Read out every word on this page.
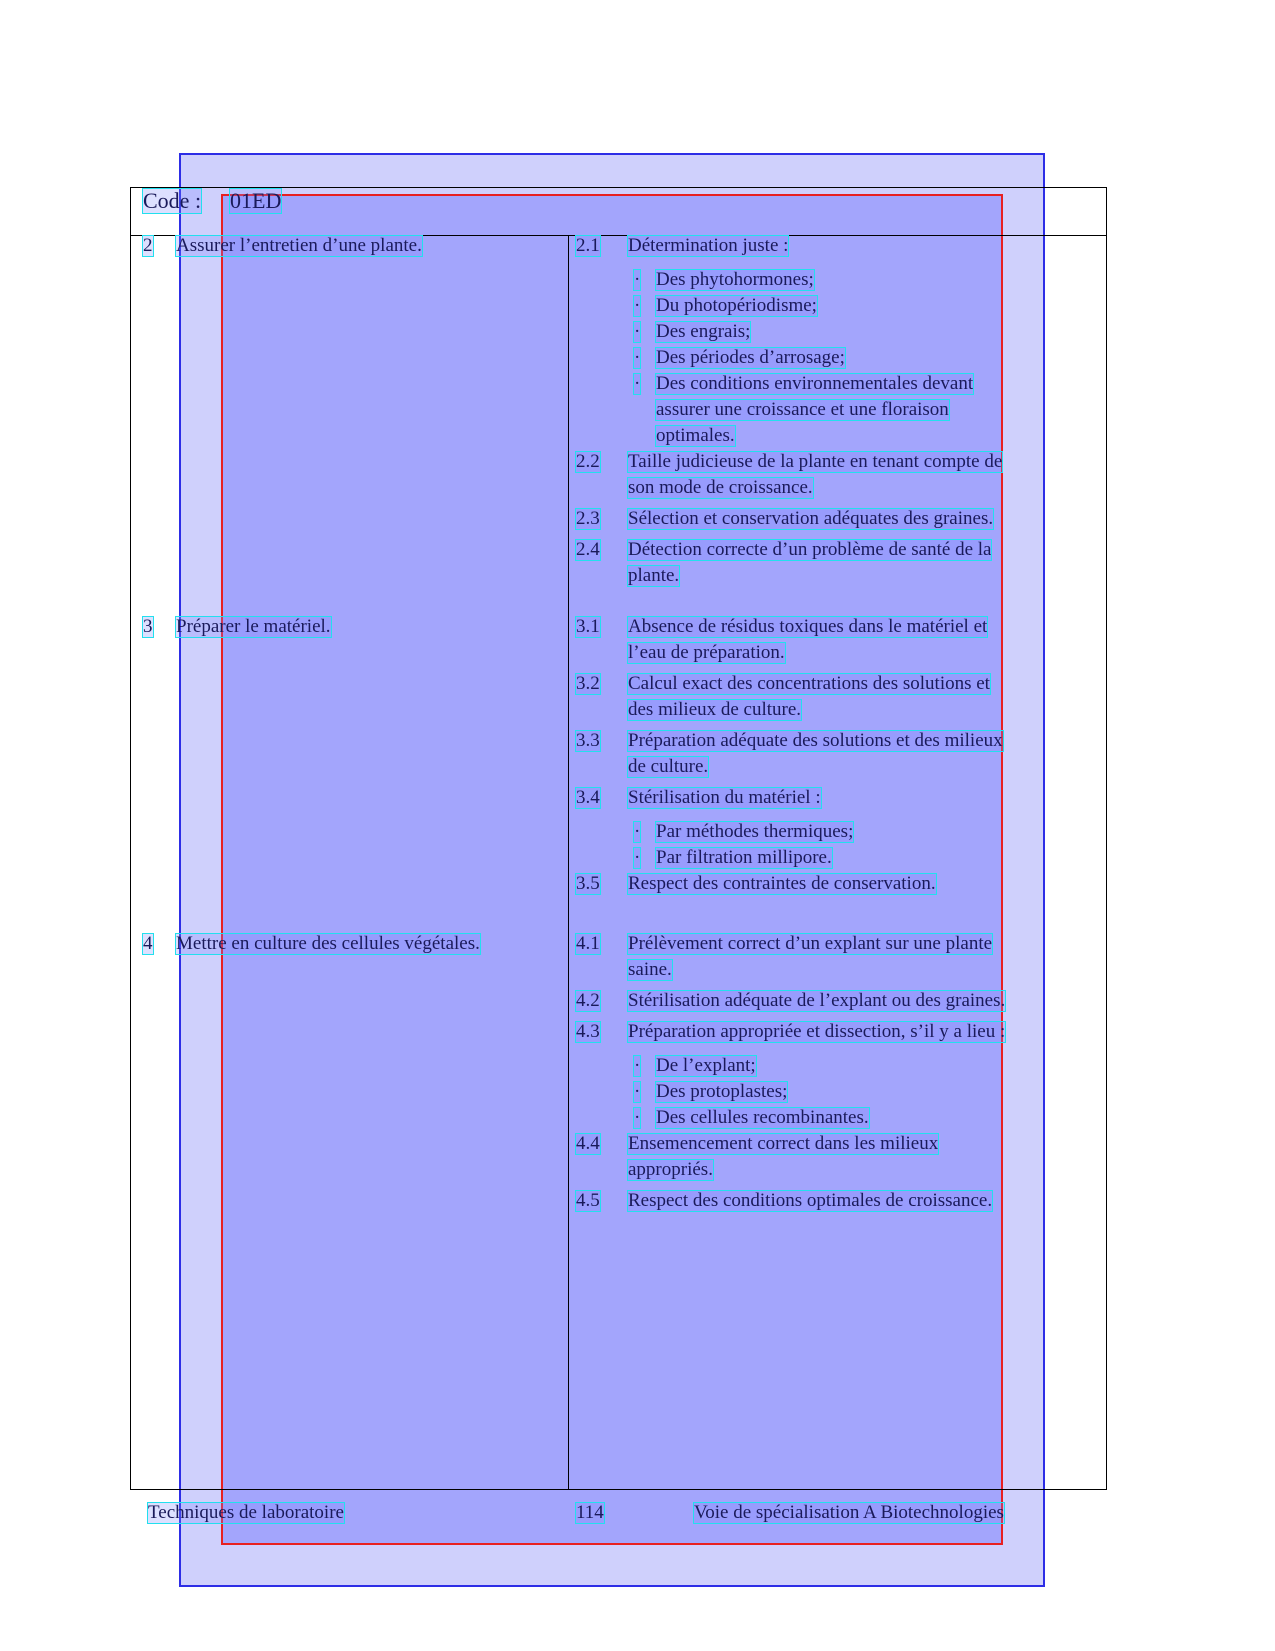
Code : 01ED
2 Assurer l’entretien d’une plante.	2.1 Détermination juste :
· Des phytohormones;
· Du photopériodisme;
· Des engrais;
· Des périodes d’arrosage;
· Des conditions environnementales devant
assurer une croissance et une floraison
optimales.
2.2 Taille judicieuse de la plante en tenant compte de
son mode de croissance.
2.3 Sélection et conservation adéquates des graines.
2.4 Détection correcte d’un problème de santé de la
plante.
3 Préparer le matériel.	3.1 Absence de résidus toxiques dans le matériel et
l’eau de préparation.
3.2 Calcul exact des concentrations des solutions et
des milieux de culture.
3.3 Préparation adéquate des solutions et des milieux
de culture.
3.4 Stérilisation du matériel :
· Par méthodes thermiques;
· Par filtration millipore.
3.5 Respect des contraintes de conservation.
4 Mettre en culture des cellules végétales.	4.1 Prélèvement correct d’un explant sur une plante
saine.
4.2 Stérilisation adéquate de l’explant ou des graines.
4.3 Préparation appropriée et dissection, s’il y a lieu :
· De l’explant;
· Des protoplastes;
· Des cellules recombinantes.
4.4 Ensemencement correct dans les milieux
appropriés.
4.5 Respect des conditions optimales de croissance.
Techniques de laboratoire	114	Voie de spécialisation A Biotechnologies
